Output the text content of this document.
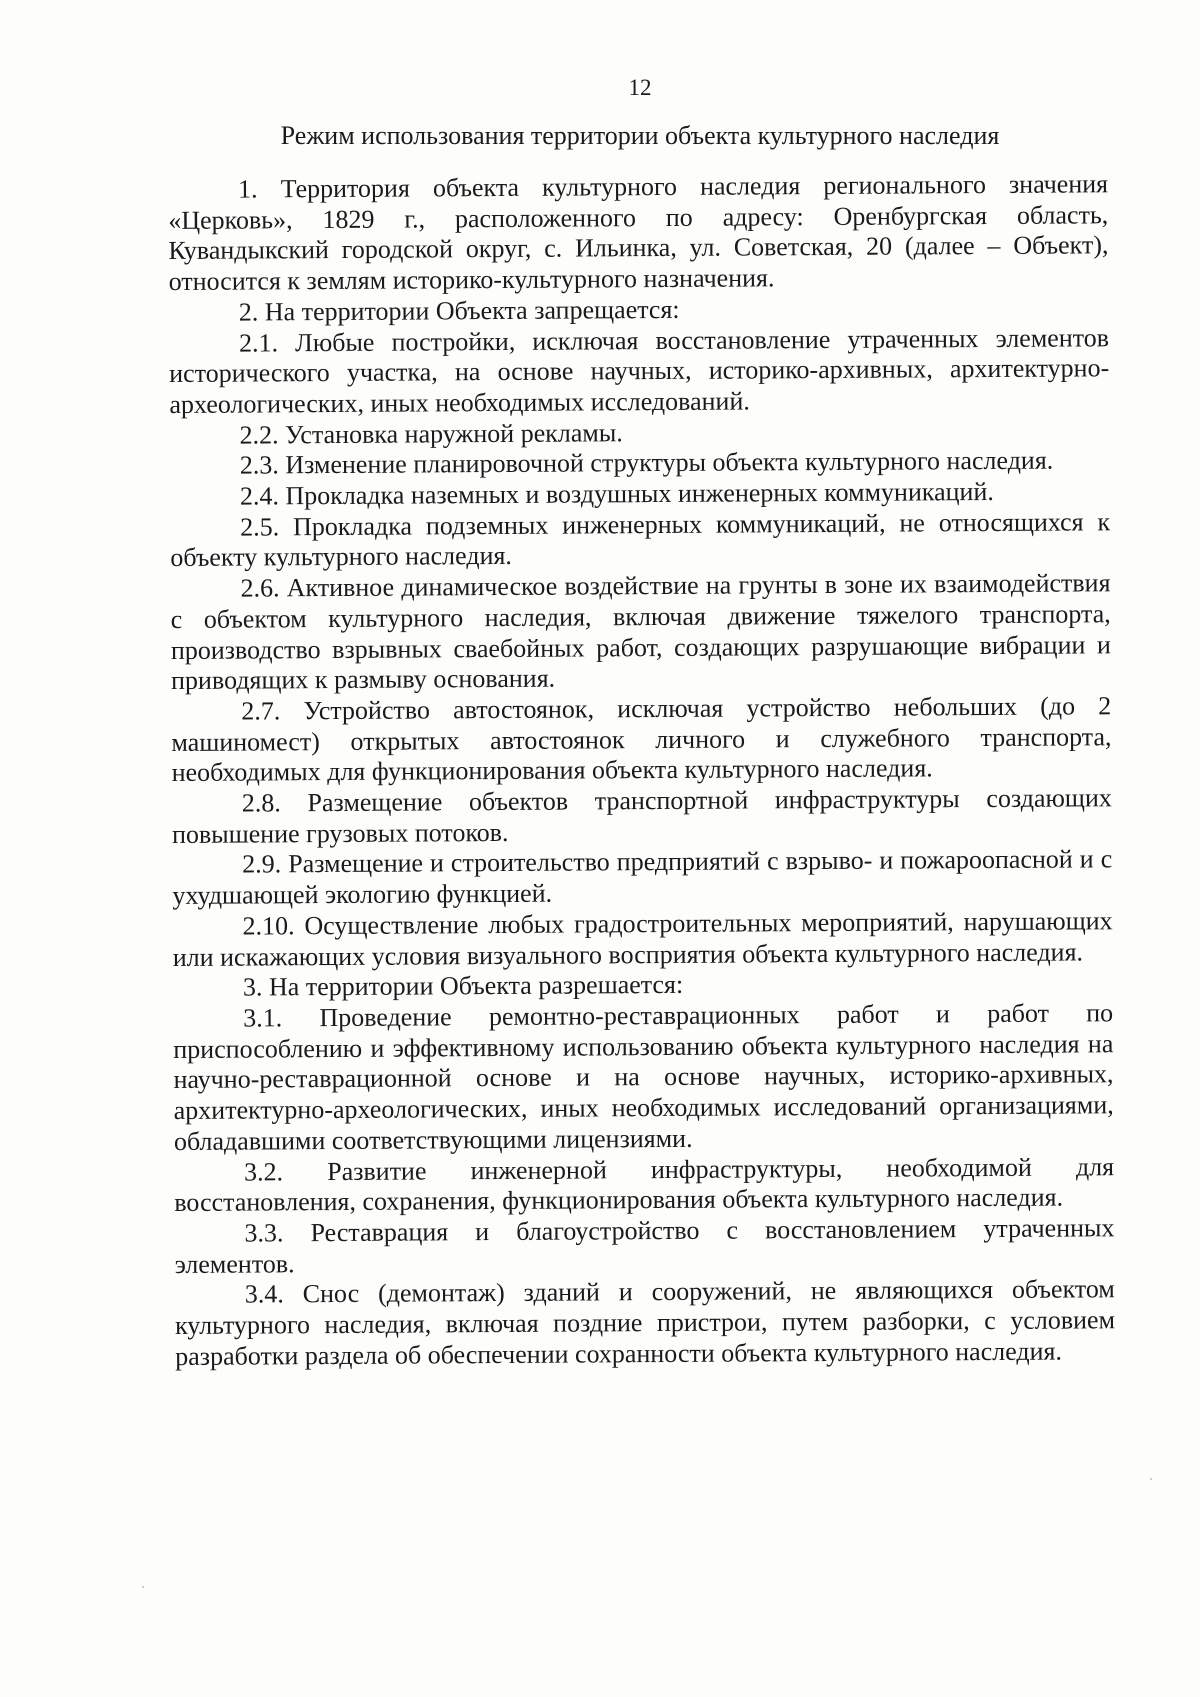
12
Режим использования территории объекта культурного наследия

1. Территория объекта культурного наследия регионального значения «Церковь», 1829 г., расположенного по адресу: Оренбургская область, Кувандыкский городской округ, с. Ильинка, ул. Советская, 20 (далее – Объект), относится к землям историко-культурного назначения.

2. На территории Объекта запрещается:

2.1. Любые постройки, исключая восстановление утраченных элементов исторического участка, на основе научных, историко-архивных, архитектурно-археологических, иных необходимых исследований.

2.2. Установка наружной рекламы.

2.3. Изменение планировочной структуры объекта культурного наследия.

2.4. Прокладка наземных и воздушных инженерных коммуникаций.

2.5. Прокладка подземных инженерных коммуникаций, не относящихся к объекту культурного наследия.

2.6. Активное динамическое воздействие на грунты в зоне их взаимодействия с объектом культурного наследия, включая движение тяжелого транспорта, производство взрывных сваебойных работ, создающих разрушающие вибрации и приводящих к размыву основания.

2.7. Устройство автостоянок, исключая устройство небольших (до 2 машиномест) открытых автостоянок личного и служебного транспорта, необходимых для функционирования объекта культурного наследия.

2.8. Размещение объектов транспортной инфраструктуры создающих повышение грузовых потоков.

2.9. Размещение и строительство предприятий с взрыво- и пожароопасной и с ухудшающей экологию функцией.

2.10. Осуществление любых градостроительных мероприятий, нарушающих или искажающих условия визуального восприятия объекта культурного наследия.

3. На территории Объекта разрешается:

3.1. Проведение ремонтно-реставрационных работ и работ по приспособлению и эффективному использованию объекта культурного наследия на научно-реставрационной основе и на основе научных, историко-архивных, архитектурно-археологических, иных необходимых исследований организациями, обладавшими соответствующими лицензиями.

3.2. Развитие инженерной инфраструктуры, необходимой для восстановления, сохранения, функционирования объекта культурного наследия.

3.3. Реставрация и благоустройство с восстановлением утраченных элементов.

3.4. Снос (демонтаж) зданий и сооружений, не являющихся объектом культурного наследия, включая поздние пристрои, путем разборки, с условием разработки раздела об обеспечении сохранности объекта культурного наследия.
